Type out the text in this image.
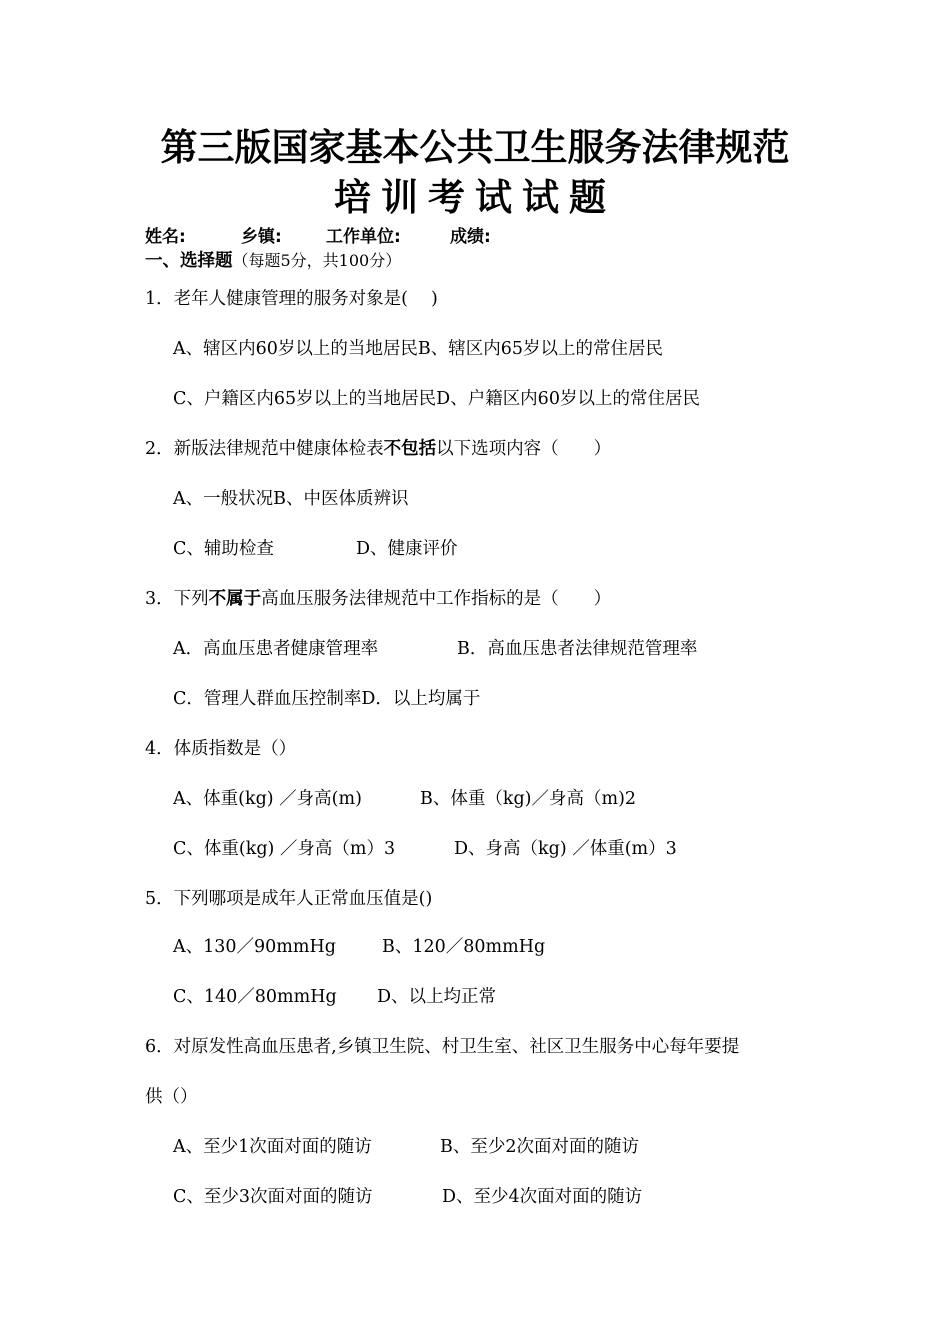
第三版国家基本公共卫生服务法律规范
培训考试试题
姓名:	乡镇:	工作单位:	成绩:
一、选择题（每题5分，共100分）
1．老年人健康管理的服务对象是(　 )
A、辖区内60岁以上的当地居民B、辖区内65岁以上的常住居民
C、户籍区内65岁以上的当地居民D、户籍区内60岁以上的常住居民
2．新版法律规范中健康体检表不包括以下选项内容（　　）
A、一般状况B、中医体质辨识
C、辅助检查	D、健康评价
3．下列不属于高血压服务法律规范中工作指标的是（　　）
A．高血压患者健康管理率	B．高血压患者法律规范管理率
C．管理人群血压控制率D．以上均属于
4．体质指数是（）
A、体重(kg) ／身高(m)	B、体重（kg)／身高（m)2
C、体重(kg) ／身高（m）3	D、身高（kg) ／体重(m）3
5．下列哪项是成年人正常血压值是()
A、130／90mmHg	B、120／80mmHg
C、140／80mmHg D、以上均正常
6．对原发性高血压患者,乡镇卫生院、村卫生室、社区卫生服务中心每年要提
供（）
A、至少1次面对面的随访	B、至少2次面对面的随访
C、至少3次面对面的随访	D、至少4次面对面的随访
